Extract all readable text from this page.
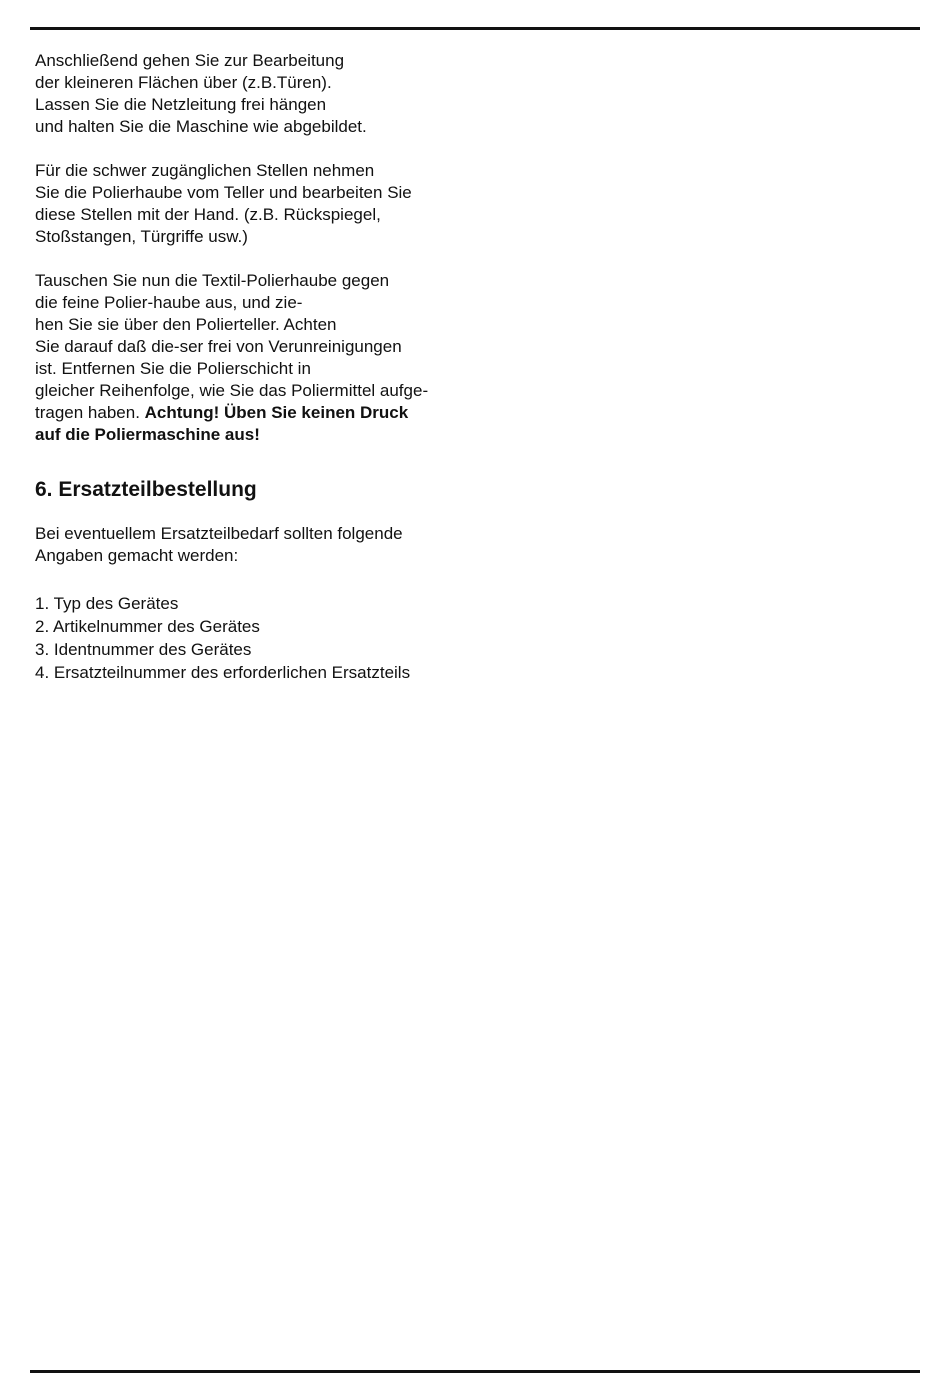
Anschließend gehen Sie zur Bearbeitung
der kleineren Flächen über (z.B.Türen).
Lassen Sie die Netzleitung frei hängen
und halten Sie die Maschine wie abgebildet.

Für die schwer zugänglichen Stellen nehmen
Sie die Polierhaube vom Teller und bearbeiten Sie
diese Stellen mit der Hand. (z.B. Rückspiegel,
Stoßstangen, Türgriffe usw.)

Tauschen Sie nun die Textil-Polierhaube gegen
die feine Polier-haube aus, und zie-
hen Sie sie über den Polierteller. Achten
Sie darauf daß die-ser frei von Verunreinigungen
ist. Entfernen Sie die Polierschicht in
gleicher Reihenfolge, wie Sie das Poliermittel aufge-
tragen haben. Achtung! Üben Sie keinen Druck
auf die Poliermaschine aus!

6. Ersatzteilbestellung

Bei eventuellem Ersatzteilbedarf sollten folgende
Angaben gemacht werden:

1. Typ des Gerätes
2. Artikelnummer des Gerätes
3. Identnummer des Gerätes
4. Ersatzteilnummer des erforderlichen Ersatzteils
